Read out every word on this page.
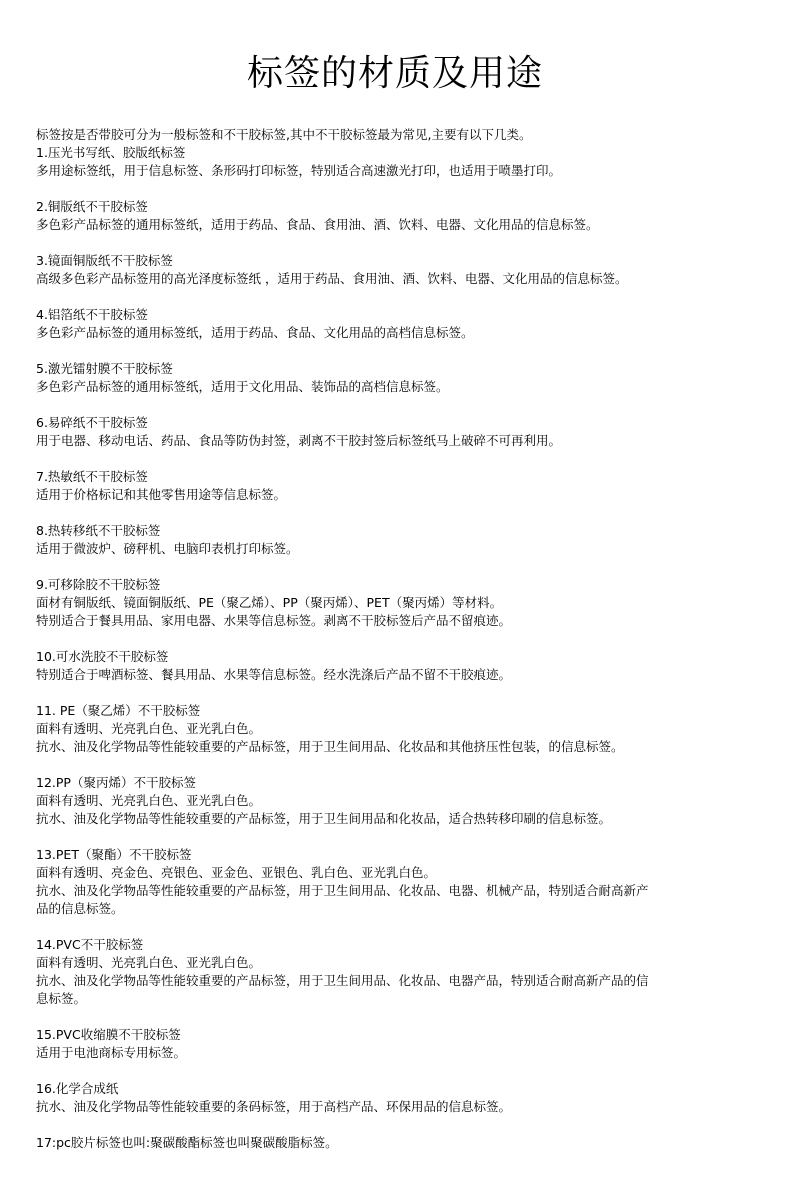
标签的材质及用途
标签按是否带胶可分为一般标签和不干胶标签,其中不干胶标签最为常见,主要有以下几类。
1.压光书写纸、胶版纸标签
多用途标签纸，用于信息标签、条形码打印标签，特别适合高速激光打印，也适用于喷墨打印。
2.铜版纸不干胶标签
多色彩产品标签的通用标签纸，适用于药品、食品、食用油、酒、饮料、电器、文化用品的信息标签。
3.镜面铜版纸不干胶标签
高级多色彩产品标签用的高光泽度标签纸 ，适用于药品、食用油、酒、饮料、电器、文化用品的信息标签。
4.铝箔纸不干胶标签
多色彩产品标签的通用标签纸，适用于药品、食品、文化用品的高档信息标签。
5.激光镭射膜不干胶标签
多色彩产品标签的通用标签纸，适用于文化用品、装饰品的高档信息标签。
6.易碎纸不干胶标签
用于电器、移动电话、药品、食品等防伪封签，剥离不干胶封签后标签纸马上破碎不可再利用。
7.热敏纸不干胶标签
适用于价格标记和其他零售用途等信息标签。
8.热转移纸不干胶标签
适用于微波炉、磅秤机、电脑印表机打印标签。
9.可移除胶不干胶标签
面材有铜版纸、镜面铜版纸、PE（聚乙烯）、PP（聚丙烯）、PET（聚丙烯）等材料。
特别适合于餐具用品、家用电器、水果等信息标签。剥离不干胶标签后产品不留痕迹。
10.可水洗胶不干胶标签
特别适合于啤酒标签、餐具用品、水果等信息标签。经水洗涤后产品不留不干胶痕迹。
11. PE（聚乙烯）不干胶标签
面料有透明、光亮乳白色、亚光乳白色。
抗水、油及化学物品等性能较重要的产品标签，用于卫生间用品、化妆品和其他挤压性包装，的信息标签。
12.PP（聚丙烯）不干胶标签
面料有透明、光亮乳白色、亚光乳白色。
抗水、油及化学物品等性能较重要的产品标签，用于卫生间用品和化妆品，适合热转移印刷的信息标签。
13.PET（聚酯）不干胶标签
面料有透明、亮金色、亮银色、亚金色、亚银色、乳白色、亚光乳白色。
抗水、油及化学物品等性能较重要的产品标签，用于卫生间用品、化妆品、电器、机械产品，特别适合耐高新产
品的信息标签。
14.PVC不干胶标签
面料有透明、光亮乳白色、亚光乳白色。
抗水、油及化学物品等性能较重要的产品标签，用于卫生间用品、化妆品、电器产品，特别适合耐高新产品的信
息标签。
15.PVC收缩膜不干胶标签
适用于电池商标专用标签。
16.化学合成纸
抗水、油及化学物品等性能较重要的条码标签，用于高档产品、环保用品的信息标签。
17:pc胶片标签也叫:聚碳酸酯标签也叫聚碳酸脂标签。
